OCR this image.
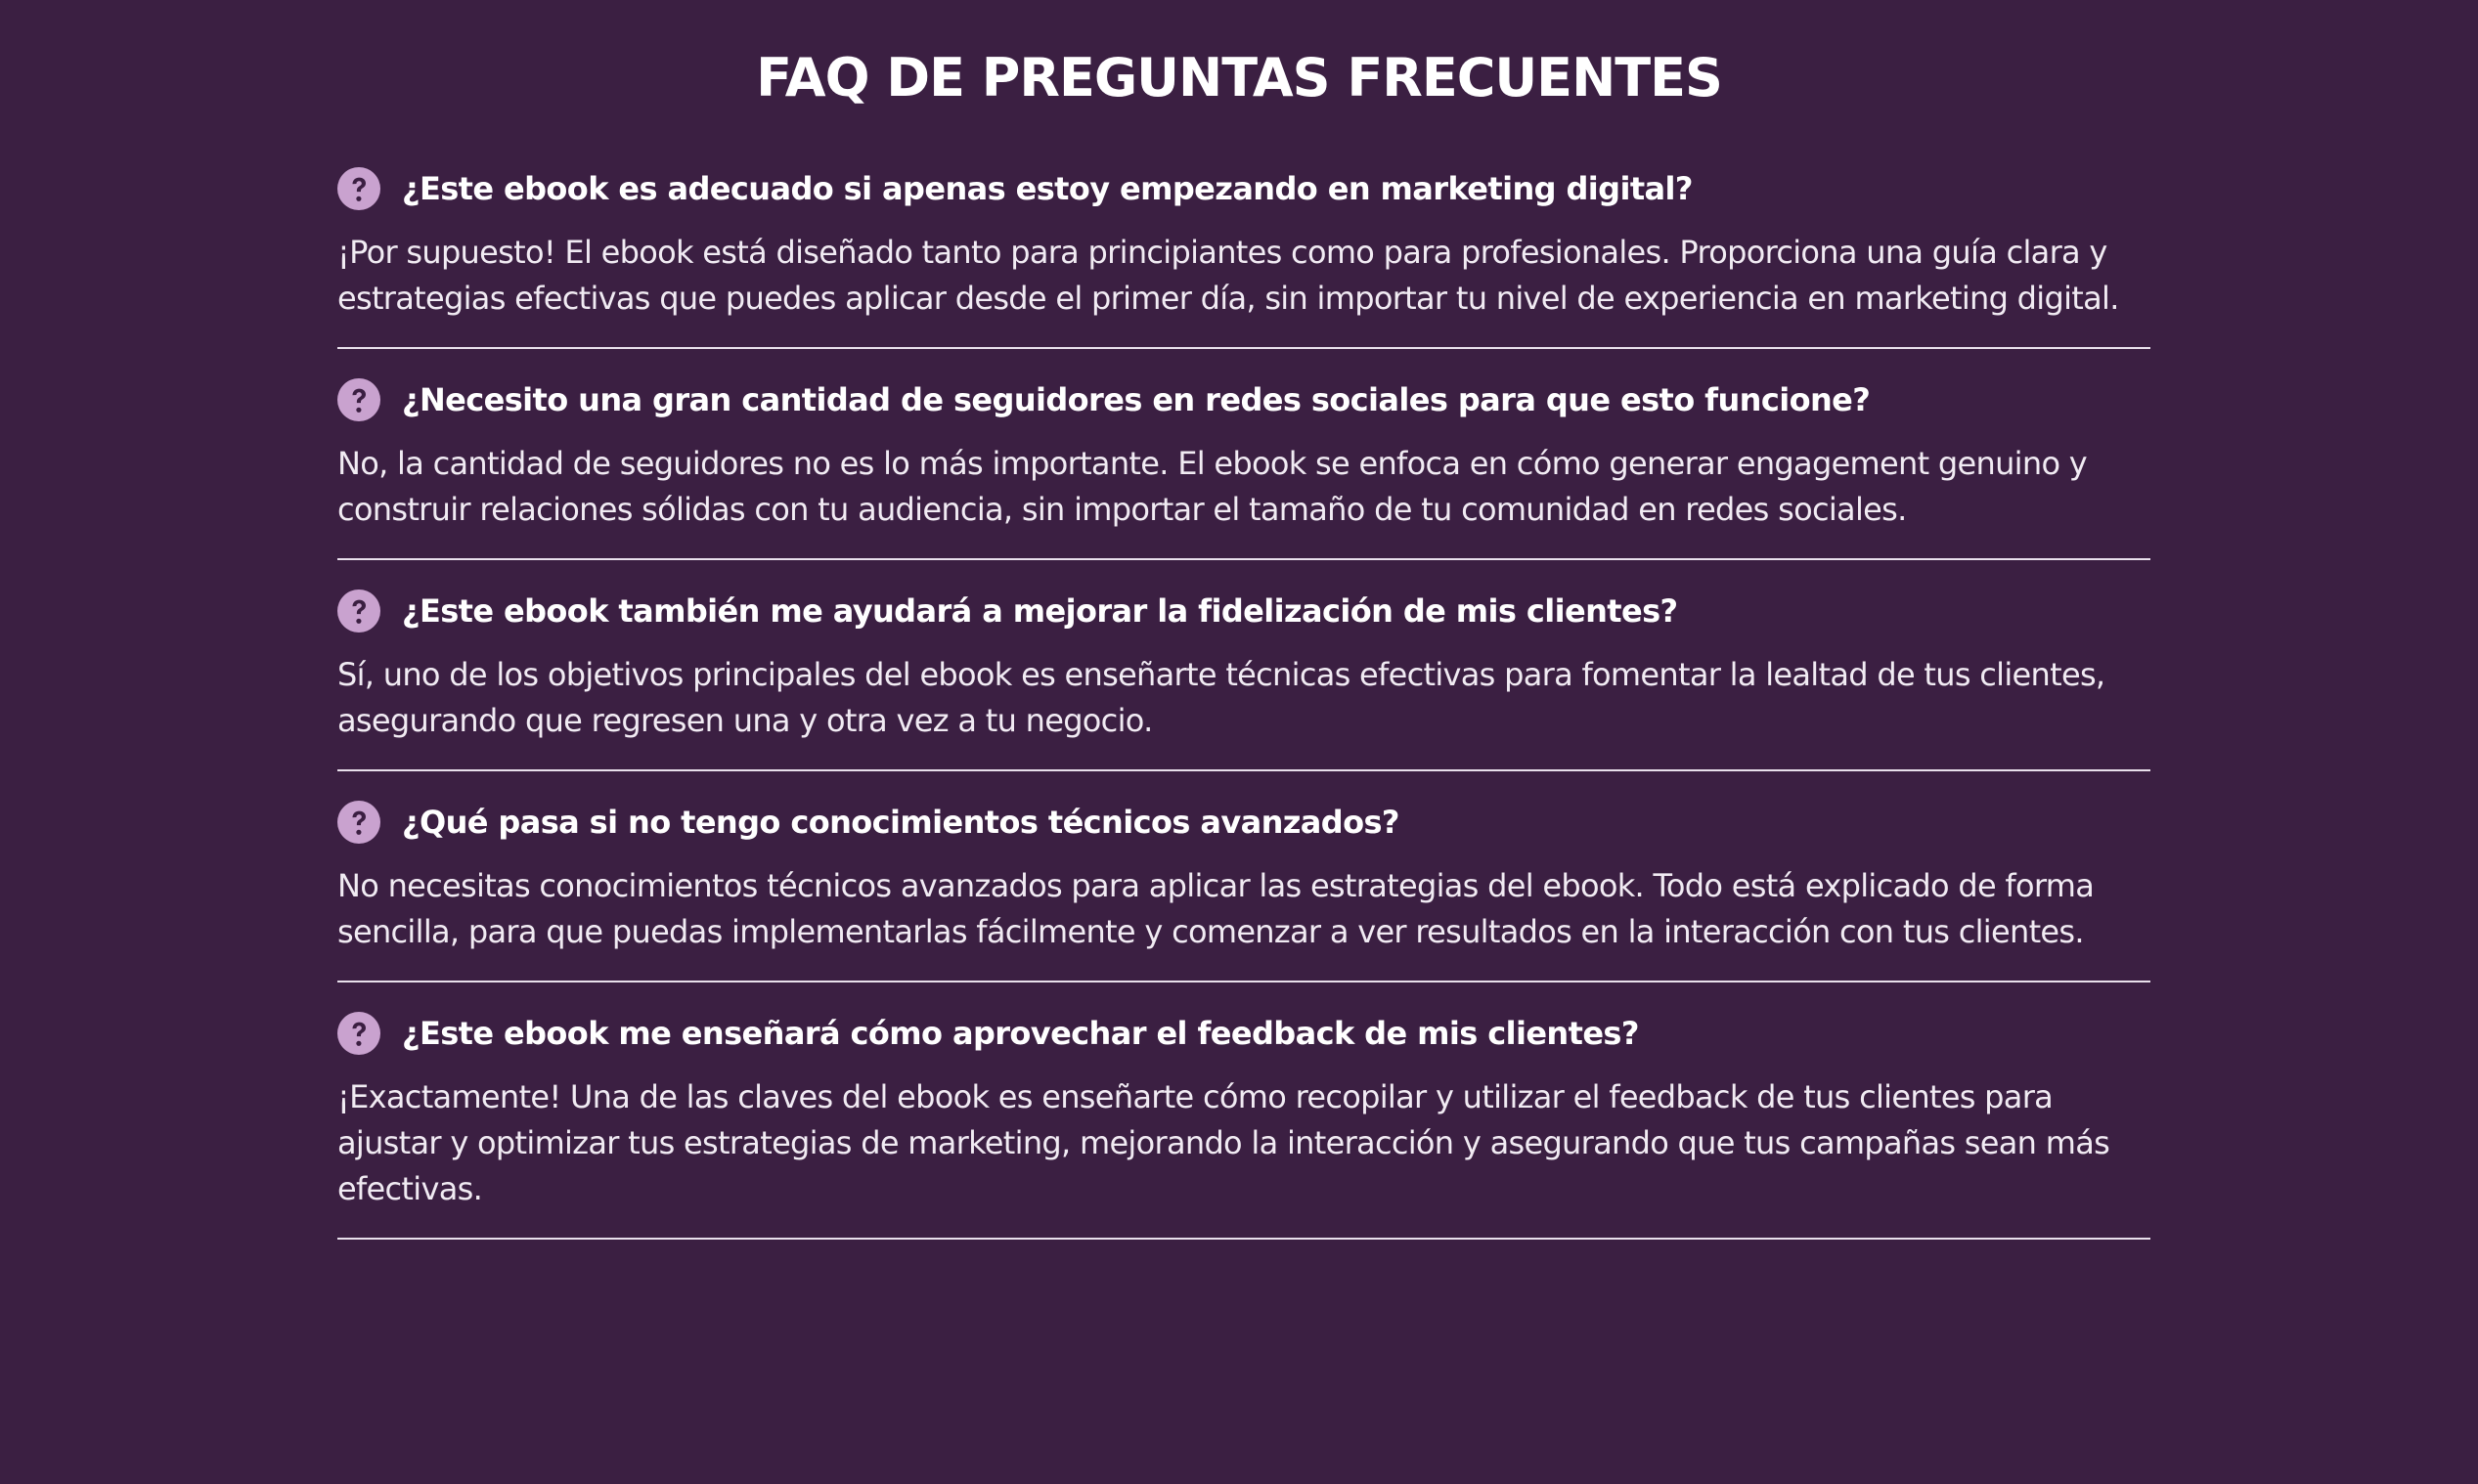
FAQ DE PREGUNTAS FRECUENTES
¿Este ebook es adecuado si apenas estoy empezando en marketing digital?

¡Por supuesto! El ebook está diseñado tanto para principiantes como para profesionales. Proporciona una guía clara y estrategias efectivas que puedes aplicar desde el primer día, sin importar tu nivel de experiencia en marketing digital.

¿Necesito una gran cantidad de seguidores en redes sociales para que esto funcione?

No, la cantidad de seguidores no es lo más importante. El ebook se enfoca en cómo generar engagement genuino y construir relaciones sólidas con tu audiencia, sin importar el tamaño de tu comunidad en redes sociales.

¿Este ebook también me ayudará a mejorar la fidelización de mis clientes?

Sí, uno de los objetivos principales del ebook es enseñarte técnicas efectivas para fomentar la lealtad de tus clientes, asegurando que regresen una y otra vez a tu negocio.

¿Qué pasa si no tengo conocimientos técnicos avanzados?

No necesitas conocimientos técnicos avanzados para aplicar las estrategias del ebook. Todo está explicado de forma sencilla, para que puedas implementarlas fácilmente y comenzar a ver resultados en la interacción con tus clientes.

¿Este ebook me enseñará cómo aprovechar el feedback de mis clientes?

¡Exactamente! Una de las claves del ebook es enseñarte cómo recopilar y utilizar el feedback de tus clientes para ajustar y optimizar tus estrategias de marketing, mejorando la interacción y asegurando que tus campañas sean más efectivas.
